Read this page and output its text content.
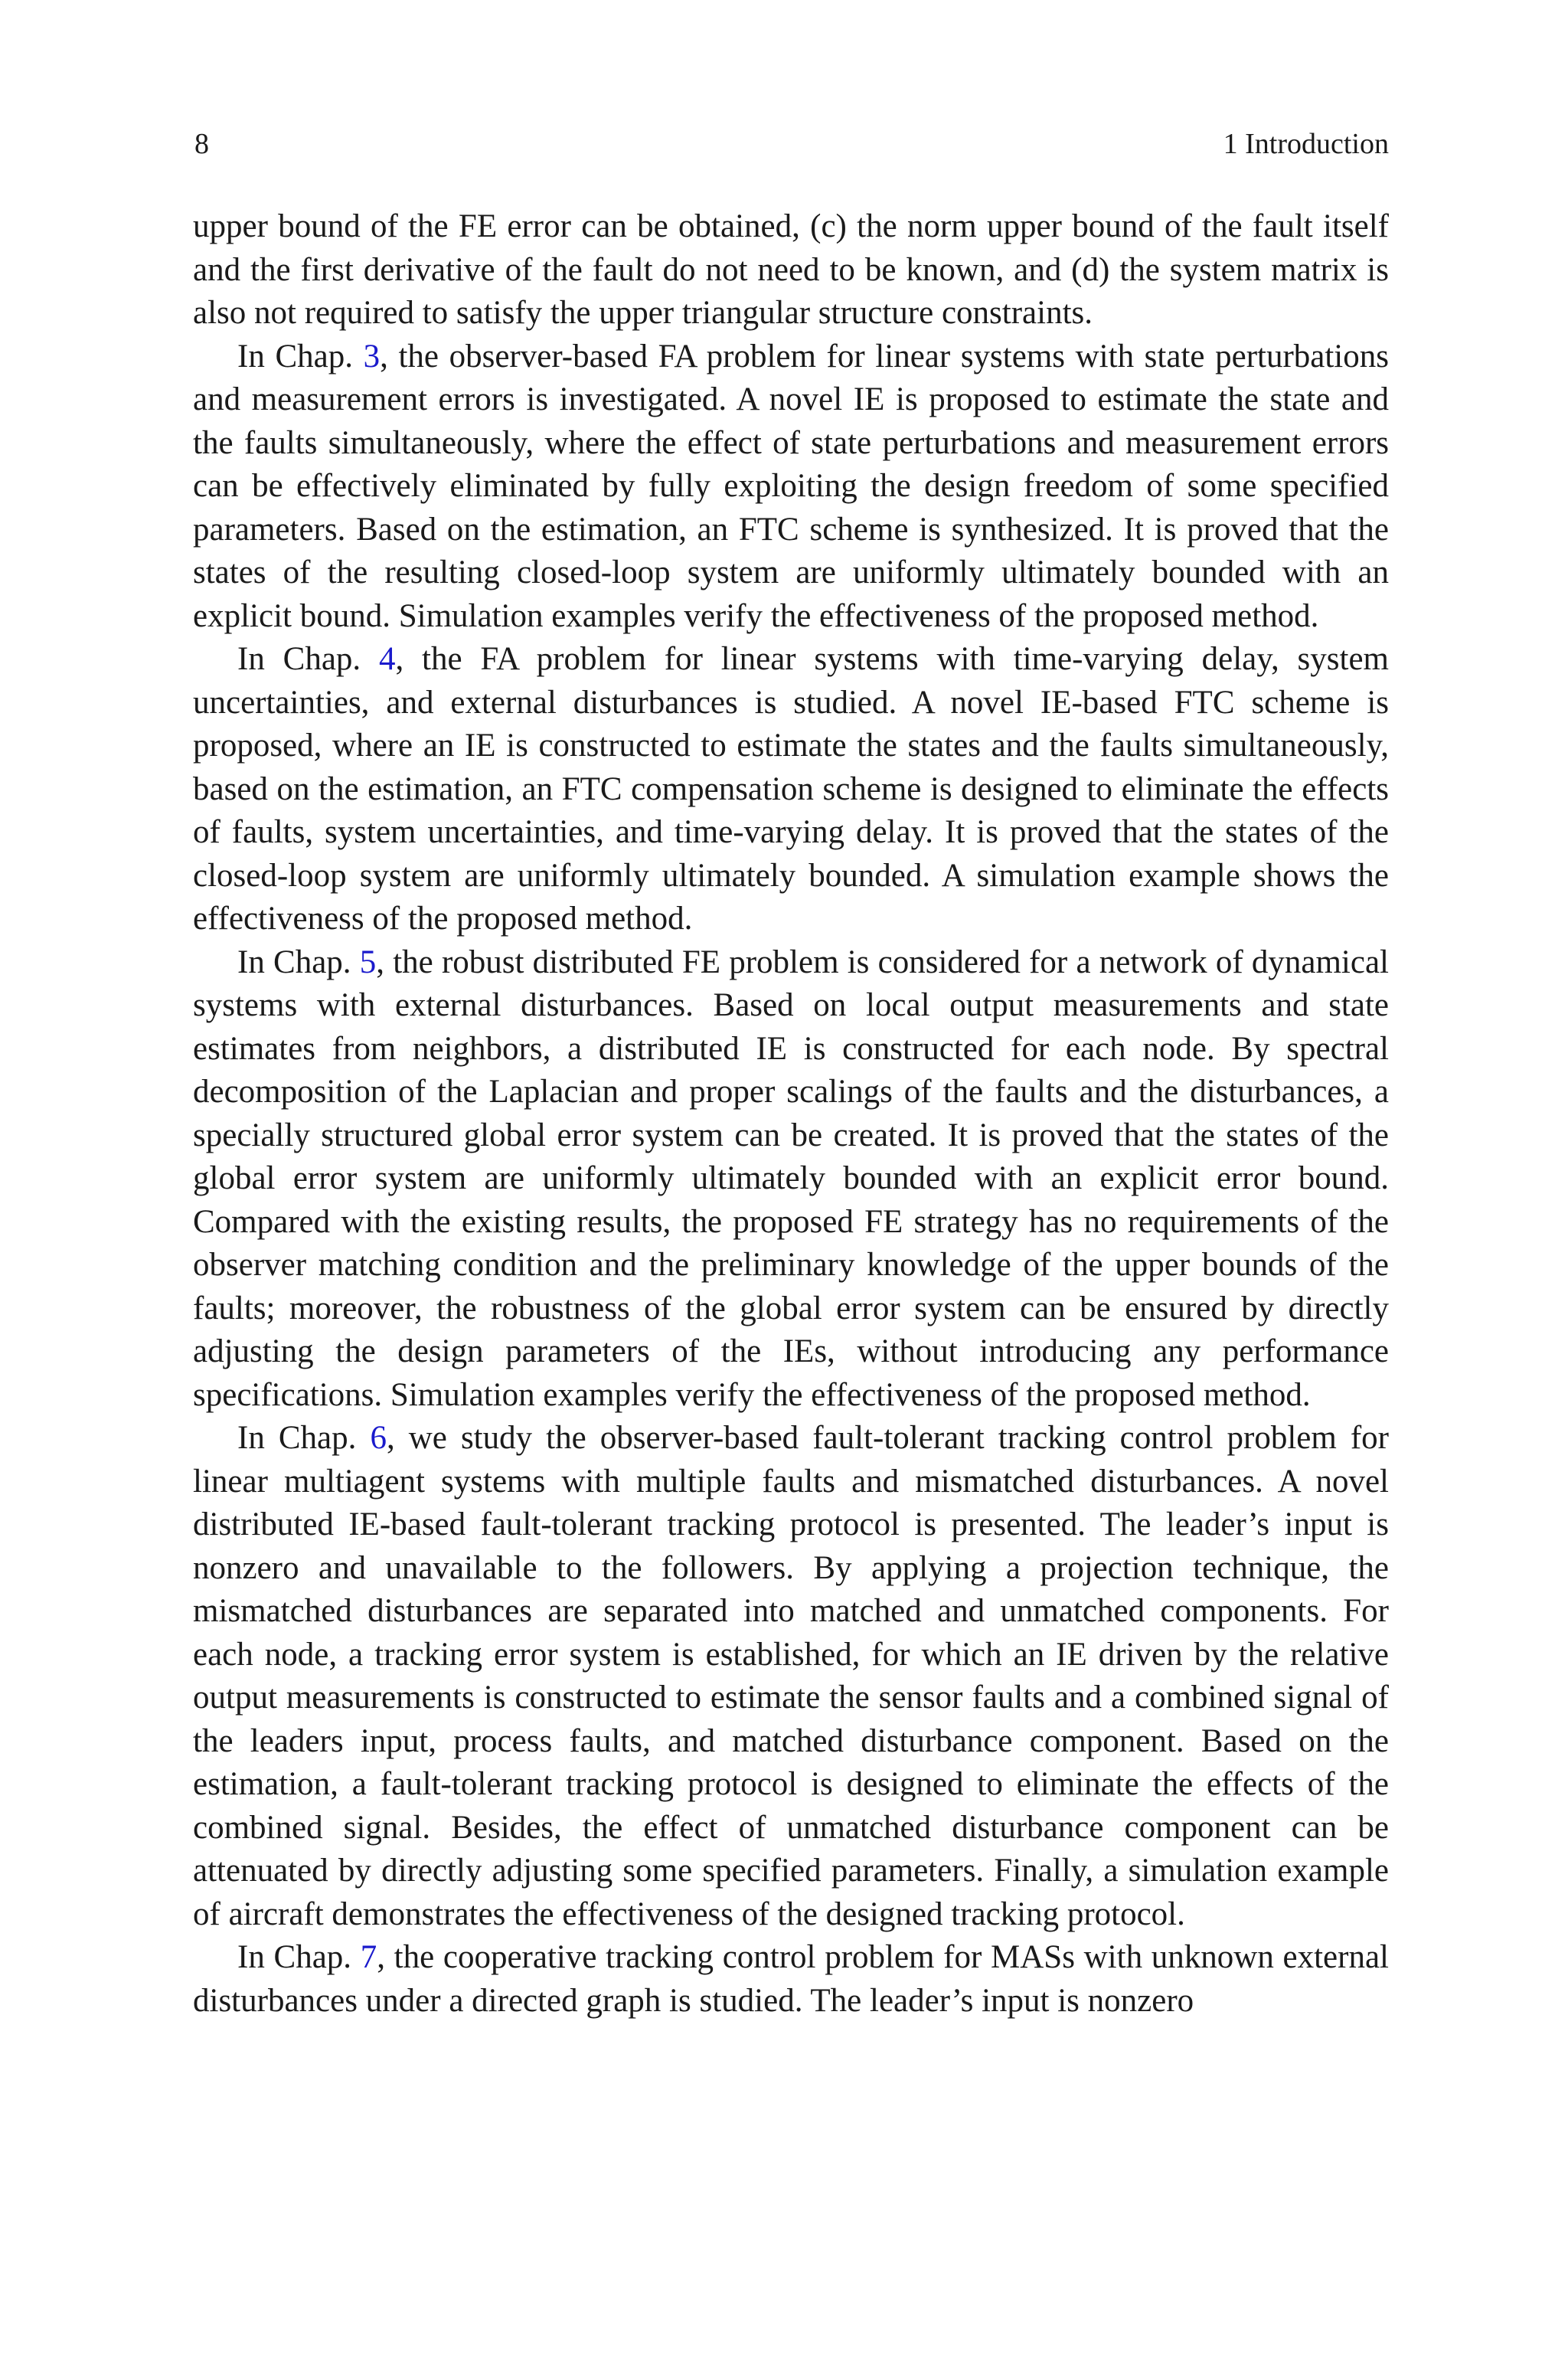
8	1 Introduction

upper bound of the FE error can be obtained, (c) the norm upper bound of the fault itself and the first derivative of the fault do not need to be known, and (d) the system matrix is also not required to satisfy the upper triangular structure constraints.

In Chap. 3, the observer-based FA problem for linear systems with state perturbations and measurement errors is investigated. A novel IE is proposed to estimate the state and the faults simultaneously, where the effect of state perturbations and measurement errors can be effectively eliminated by fully exploiting the design freedom of some specified parameters. Based on the estimation, an FTC scheme is synthesized. It is proved that the states of the resulting closed-loop system are uniformly ultimately bounded with an explicit bound. Simulation examples verify the effectiveness of the proposed method.

In Chap. 4, the FA problem for linear systems with time-varying delay, system uncertainties, and external disturbances is studied. A novel IE-based FTC scheme is proposed, where an IE is constructed to estimate the states and the faults simultaneously, based on the estimation, an FTC compensation scheme is designed to eliminate the effects of faults, system uncertainties, and time-varying delay. It is proved that the states of the closed-loop system are uniformly ultimately bounded. A simulation example shows the effectiveness of the proposed method.

In Chap. 5, the robust distributed FE problem is considered for a network of dynamical systems with external disturbances. Based on local output measurements and state estimates from neighbors, a distributed IE is constructed for each node. By spectral decomposition of the Laplacian and proper scalings of the faults and the disturbances, a specially structured global error system can be created. It is proved that the states of the global error system are uniformly ultimately bounded with an explicit error bound. Compared with the existing results, the proposed FE strategy has no requirements of the observer matching condition and the preliminary knowledge of the upper bounds of the faults; moreover, the robustness of the global error system can be ensured by directly adjusting the design parameters of the IEs, without introducing any performance specifications. Simulation examples verify the effectiveness of the proposed method.

In Chap. 6, we study the observer-based fault-tolerant tracking control problem for linear multiagent systems with multiple faults and mismatched disturbances. A novel distributed IE-based fault-tolerant tracking protocol is presented. The leader’s input is nonzero and unavailable to the followers. By applying a projection technique, the mismatched disturbances are separated into matched and unmatched components. For each node, a tracking error system is established, for which an IE driven by the relative output measurements is constructed to estimate the sensor faults and a combined signal of the leaders input, process faults, and matched disturbance component. Based on the estimation, a fault-tolerant tracking protocol is designed to eliminate the effects of the combined signal. Besides, the effect of unmatched disturbance component can be attenuated by directly adjusting some specified parameters. Finally, a simulation example of aircraft demonstrates the effectiveness of the designed tracking protocol.

In Chap. 7, the cooperative tracking control problem for MASs with unknown external disturbances under a directed graph is studied. The leader’s input is nonzero
